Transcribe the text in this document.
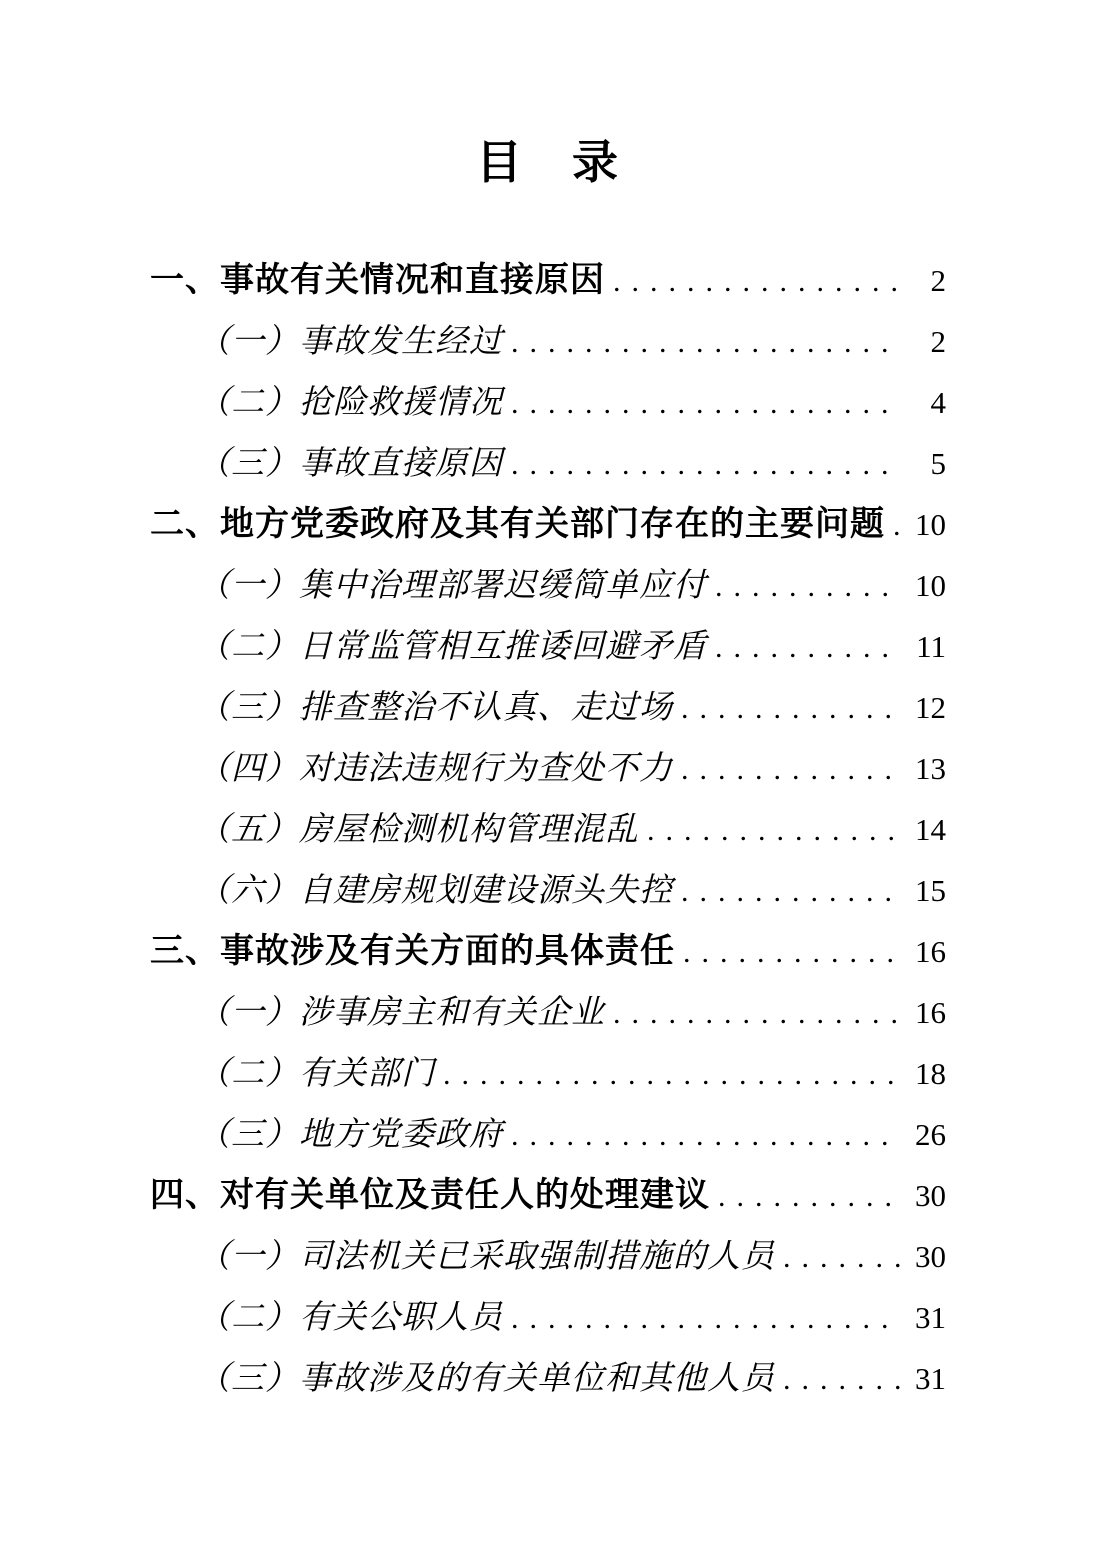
目　录
一、事故有关情况和直接原因 .....	2
（一）事故发生经过 .....	2
（二）抢险救援情况 .....	4
（三）事故直接原因 .....	5
二、地方党委政府及其有关部门存在的主要问题 ..... 10
（一）集中治理部署迟缓简单应付 .....	10
（二）日常监管相互推诿回避矛盾 .....	11
（三）排查整治不认真、走过场 .....	12
（四）对违法违规行为查处不力 .....	13
（五）房屋检测机构管理混乱 .....	14
（六）自建房规划建设源头失控 .....	15
三、事故涉及有关方面的具体责任 .....	16
（一）涉事房主和有关企业 .....	16
（二）有关部门 .....	18
（三）地方党委政府 .....	26
四、对有关单位及责任人的处理建议 .....	30
（一）司法机关已采取强制措施的人员 .....	30
（二）有关公职人员 .....	31
（三）事故涉及的有关单位和其他人员 .....	31
